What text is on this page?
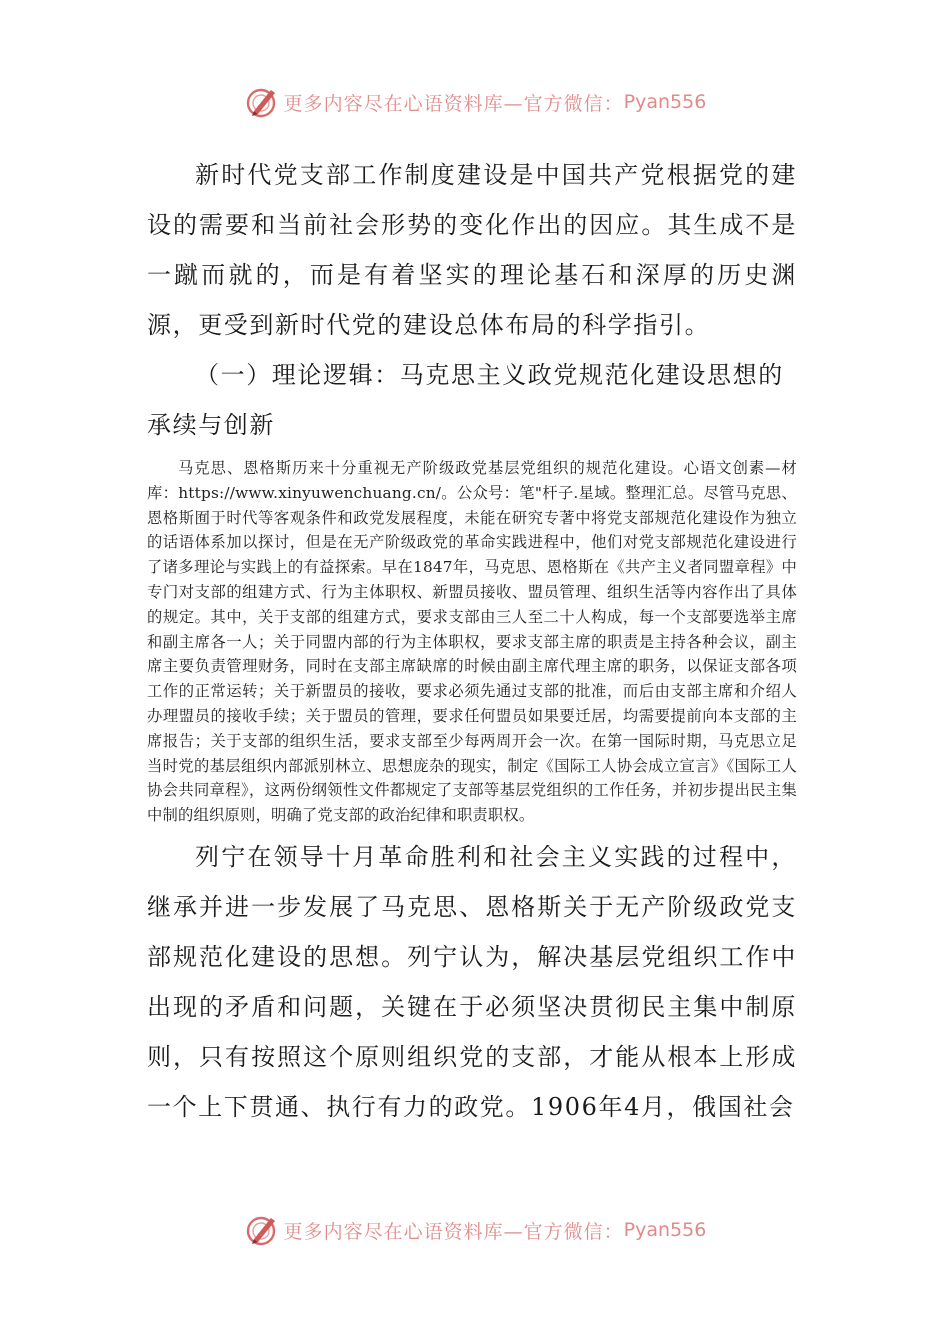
更多内容尽在心语资料库—官方微信： Pyan556

新时代党支部工作制度建设是中国共产党根据党的建设的需要和当前社会形势的变化作出的因应。其生成不是一蹴而就的，而是有着坚实的理论基石和深厚的历史渊源，更受到新时代党的建设总体布局的科学指引。

（一）理论逻辑：马克思主义政党规范化建设思想的承续与创新

马克思、恩格斯历来十分重视无产阶级政党基层党组织的规范化建设。心语文创素—材库：https://www.xinyuwenchuang.cn/。公众号：笔"杆子.星域。整理汇总。尽管马克思、恩格斯囿于时代等客观条件和政党发展程度，未能在研究专著中将党支部规范化建设作为独立的话语体系加以探讨，但是在无产阶级政党的革命实践进程中，他们对党支部规范化建设进行了诸多理论与实践上的有益探索。早在1847年，马克思、恩格斯在《共产主义者同盟章程》中专门对支部的组建方式、行为主体职权、新盟员接收、盟员管理、组织生活等内容作出了具体的规定。其中，关于支部的组建方式，要求支部由三人至二十人构成，每一个支部要选举主席和副主席各一人；关于同盟内部的行为主体职权，要求支部主席的职责是主持各种会议，副主席主要负责管理财务，同时在支部主席缺席的时候由副主席代理主席的职务，以保证支部各项工作的正常运转；关于新盟员的接收，要求必须先通过支部的批准，而后由支部主席和介绍人办理盟员的接收手续；关于盟员的管理，要求任何盟员如果要迁居，均需要提前向本支部的主席报告；关于支部的组织生活，要求支部至少每两周开会一次。在第一国际时期，马克思立足当时党的基层组织内部派别林立、思想庞杂的现实，制定《国际工人协会成立宣言》《国际工人协会共同章程》，这两份纲领性文件都规定了支部等基层党组织的工作任务，并初步提出民主集中制的组织原则，明确了党支部的政治纪律和职责职权。

列宁在领导十月革命胜利和社会主义实践的过程中，继承并进一步发展了马克思、恩格斯关于无产阶级政党支部规范化建设的思想。列宁认为，解决基层党组织工作中出现的矛盾和问题，关键在于必须坚决贯彻民主集中制原则，只有按照这个原则组织党的支部，才能从根本上形成一个上下贯通、执行有力的政党。1906年4月，俄国社会

更多内容尽在心语资料库—官方微信： Pyan556
